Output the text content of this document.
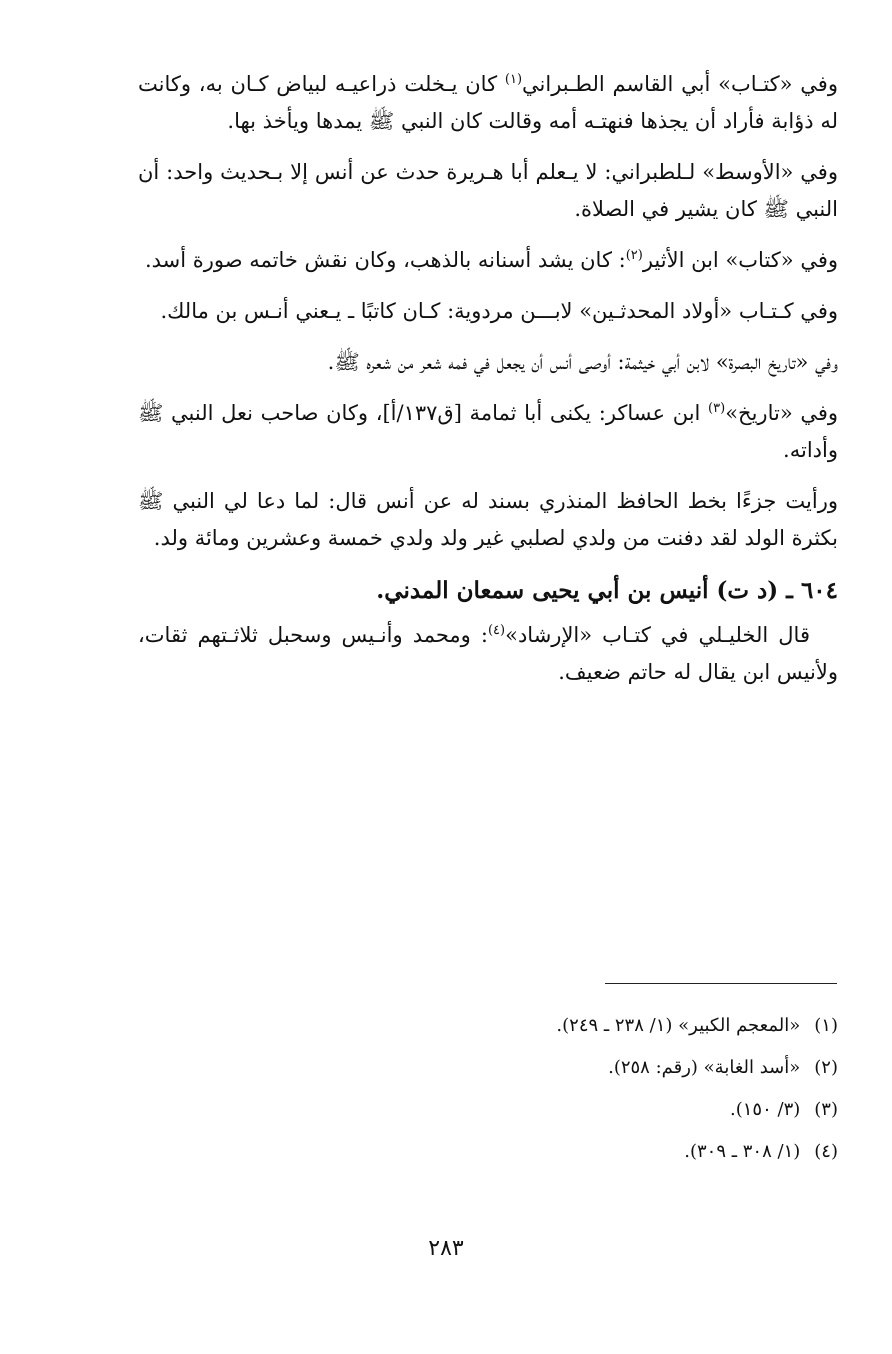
وفي «كتـاب» أبي القاسم الطـبراني$^{(١)}$ كان يـخلت ذراعيـه لبياض كـان به، وكانت له ذؤابة فأراد أن يجذها فنهتـه أمه وقالت كان النبي ﷺ يمدها ويأخذ بها.

وفي «الأوسط» لـلطبراني: لا يـعلم أبا هـريرة حدث عن أنس إلا بـحديث واحد: أن النبي ﷺ كان يشير في الصلاة.

وفي «كتاب» ابن الأثير$^{(٢)}$: كان يشد أسنانه بالذهب، وكان نقش خاتمه صورة أسد.

وفي كـتـاب «أولاد المحدثـين» لابـــن مردوية: كـان كاتبًا ـ يـعني أنـس بن مالك.

وفي «تاريخ البصرة» لابن أبي خيثمة: أوصى أنس أن يجعل في فمه شعر من شعره ﷺ.

وفي «تاريخ»$^{(٣)}$ ابن عساكر: يكنى أبا ثمامة [ق١٣٧/أ]، وكان صاحب نعل النبي ﷺ وأداته.

ورأيت جزءًا بخط الحافظ المنذري بسند له عن أنس قال: لما دعا لي النبي ﷺ بكثرة الولد لقد دفنت من ولدي لصلبي غير ولد ولدي خمسة وعشرين ومائة ولد.

٦٠٤ ـ (د ت) أنيس بن أبي يحيى سمعان المدني.

قال الخليـلي في كتـاب «الإرشاد»$^{(٤)}$: ومحمد وأنـيس وسحبل ثلاثـتهم ثقات، ولأنيس ابن يقال له حاتم ضعيف.

(١)«المعجم الكبير» (١/ ٢٣٨ ـ ٢٤٩).
(٢)«أسد الغابة» (رقم: ٢٥٨).
(٣)(٣/ ١٥٠).
(٤)(١/ ٣٠٨ ـ ٣٠٩).
٢٨٣
